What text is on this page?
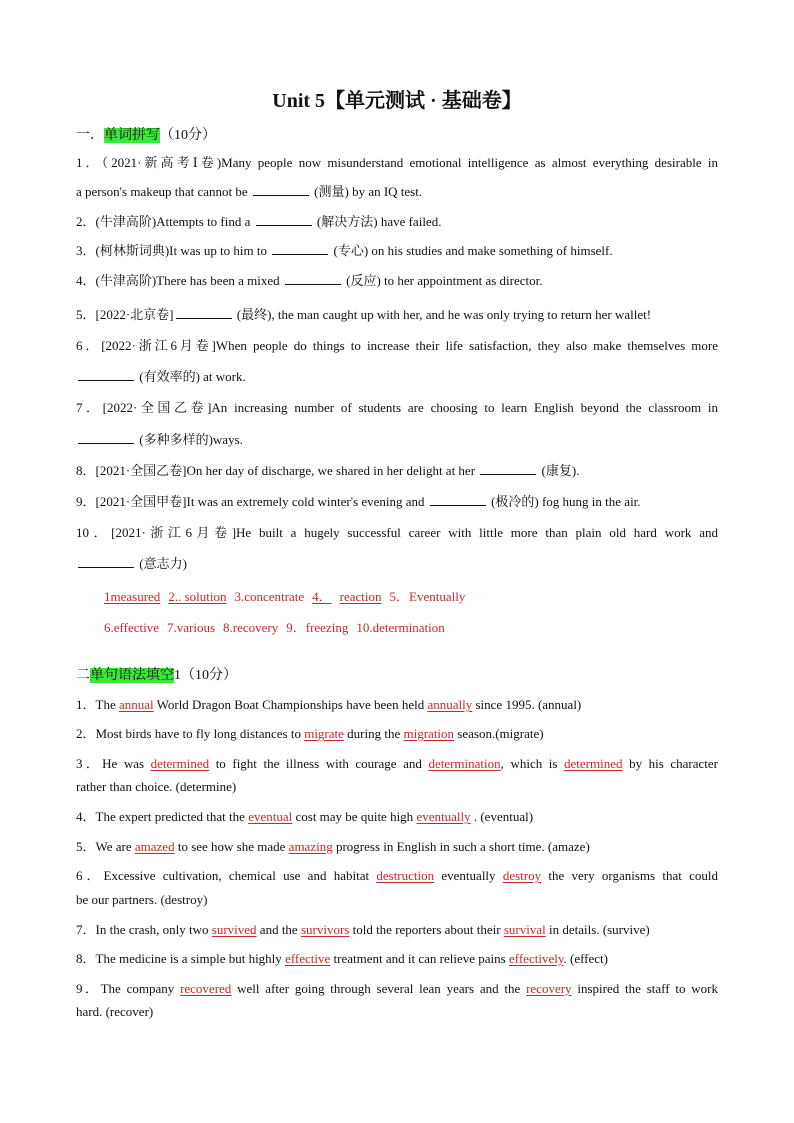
Unit 5【单元测试 · 基础卷】
一．单词拼写（10分）
1．（2021·新高考Ⅰ卷)Many people now misunderstand emotional intelligence as almost everything desirable in
a person's makeup that cannot be	(测量) by an IQ test.
2．(牛津高阶)Attempts to find a	(解决方法) have failed.
3．(柯林斯词典)It was up to him to	(专心) on his studies and make something of himself.
4．(牛津高阶)There has been a mixed	(反应) to her appointment as director.
5．[2022·北京卷]	(最终), the man caught up with her, and he was only trying to return her wallet!
6．[2022·浙江6月卷]When people do things to increase their life satisfaction, they also make themselves more
(有效率的) at work.
7．[2022·全国乙卷]An increasing number of students are choosing to learn English beyond the classroom in
(多种多样的)ways.
8．[2021·全国乙卷]On her day of discharge, we shared in her delight at her	(康复).
9．[2021·全国甲卷]It was an extremely cold winter's evening and	(极冷的) fog hung in the air.
10．[2021·浙江6月卷]He built a hugely successful career with little more than plain old hard work and
(意志力)
1measured 2.. solution 3.concentrate 4． reaction 5．Eventually
6.effective 7.various 8.recovery 9．freezing 10.determination
二单句语法填空1（10分）
1．The annual World Dragon Boat Championships have been held annually since 1995. (annual)
2．Most birds have to fly long distances to migrate during the migration season.(migrate)
3．He was determined to fight the illness with courage and determination, which is determined by his character
rather than choice. (determine)
4．The expert predicted that the eventual cost may be quite high eventually . (eventual)
5．We are amazed to see how she made amazing progress in English in such a short time. (amaze)
6．Excessive cultivation, chemical use and habitat destruction eventually destroy the very organisms that could
be our partners. (destroy)
7．In the crash, only two survived and the survivors told the reporters about their survival in details. (survive)
8．The medicine is a simple but highly effective treatment and it can relieve pains effectively. (effect)
9．The company recovered well after going through several lean years and the recovery inspired the staff to work
hard. (recover)
